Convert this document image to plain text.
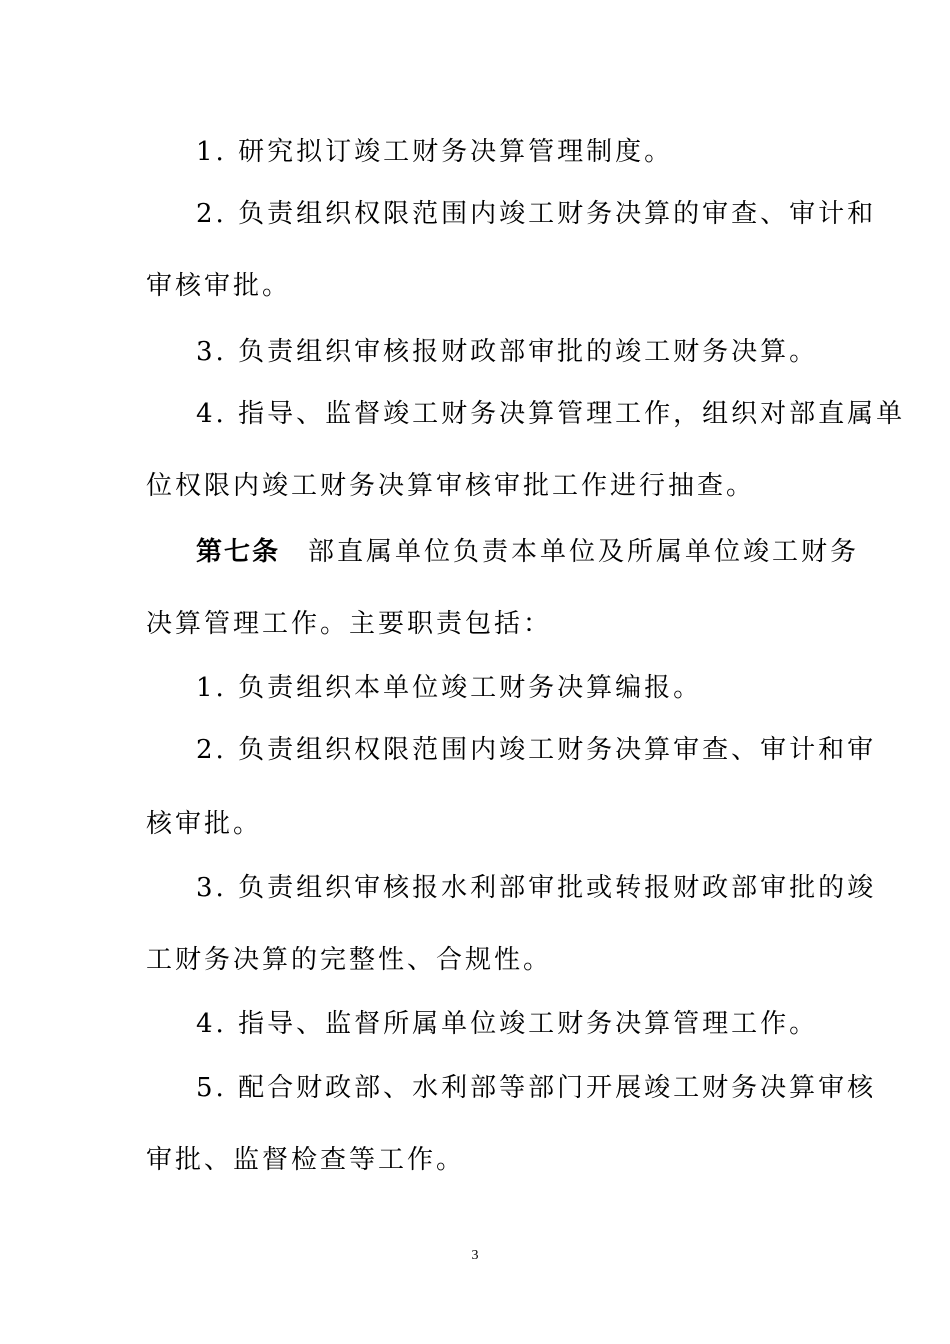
1. 研究拟订竣工财务决算管理制度。
2. 负责组织权限范围内竣工财务决算的审查、审计和
审核审批。
3. 负责组织审核报财政部审批的竣工财务决算。
4. 指导、监督竣工财务决算管理工作，组织对部直属单
位权限内竣工财务决算审核审批工作进行抽查。
第七条 部直属单位负责本单位及所属单位竣工财务
决算管理工作。主要职责包括：
1. 负责组织本单位竣工财务决算编报。
2. 负责组织权限范围内竣工财务决算审查、审计和审
核审批。
3. 负责组织审核报水利部审批或转报财政部审批的竣
工财务决算的完整性、合规性。
4. 指导、监督所属单位竣工财务决算管理工作。
5. 配合财政部、水利部等部门开展竣工财务决算审核
审批、监督检查等工作。
3
